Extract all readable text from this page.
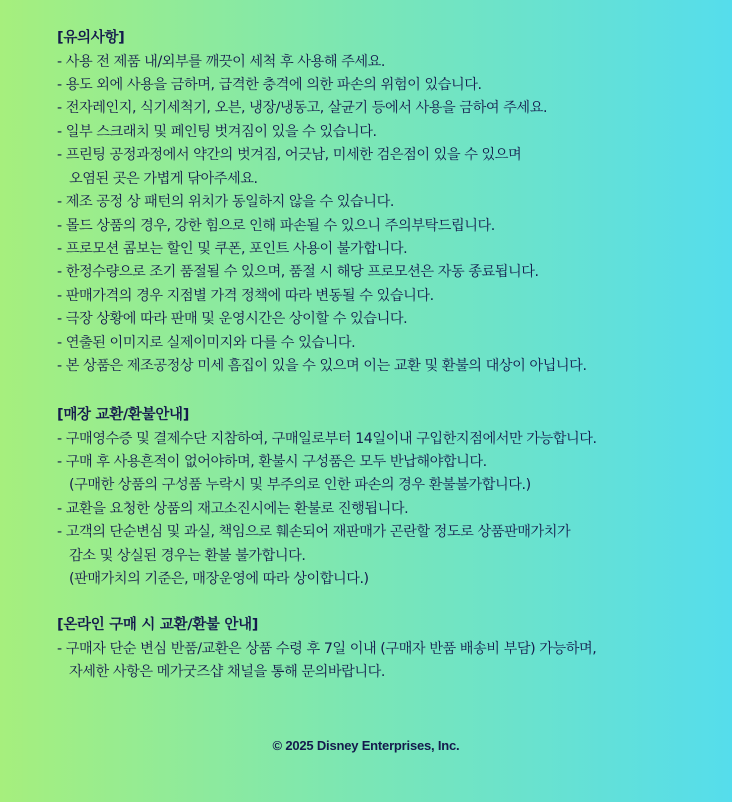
[유의사항]
- 사용 전 제품 내/외부를 깨끗이 세척 후 사용해 주세요.
- 용도 외에 사용을 금하며, 급격한 충격에 의한 파손의 위험이 있습니다.
- 전자레인지, 식기세척기, 오븐, 냉장/냉동고, 살균기 등에서 사용을 금하여 주세요.
- 일부 스크래치 및 페인팅 벗겨짐이 있을 수 있습니다.
- 프린팅 공정과정에서 약간의 벗겨짐, 어긋남, 미세한 검은점이 있을 수 있으며
오염된 곳은 가볍게 닦아주세요.
- 제조 공정 상 패턴의 위치가 동일하지 않을 수 있습니다.
- 몰드 상품의 경우, 강한 힘으로 인해 파손될 수 있으니 주의부탁드립니다.
- 프로모션 콤보는 할인 및 쿠폰, 포인트 사용이 불가합니다.
- 한정수량으로 조기 품절될 수 있으며, 품절 시 해당 프로모션은 자동 종료됩니다.
- 판매가격의 경우 지점별 가격 정책에 따라 변동될 수 있습니다.
- 극장 상황에 따라 판매 및 운영시간은 상이할 수 있습니다.
- 연출된 이미지로 실제이미지와 다를 수 있습니다.
- 본 상품은 제조공정상 미세 흠집이 있을 수 있으며 이는 교환 및 환불의 대상이 아닙니다.
[매장 교환/환불안내]
- 구매영수증 및 결제수단 지참하여, 구매일로부터 14일이내 구입한지점에서만 가능합니다.
- 구매 후 사용흔적이 없어야하며, 환불시 구성품은 모두 반납해야합니다.
(구매한 상품의 구성품 누락시 및 부주의로 인한 파손의 경우 환불불가합니다.)
- 교환을 요청한 상품의 재고소진시에는 환불로 진행됩니다.
- 고객의 단순변심 및 과실, 책임으로 훼손되어 재판매가 곤란할 정도로 상품판매가치가
감소 및 상실된 경우는 환불 불가합니다.
(판매가치의 기준은, 매장운영에 따라 상이합니다.)
[온라인 구매 시 교환/환불 안내]
- 구매자 단순 변심 반품/교환은 상품 수령 후 7일 이내 (구매자 반품 배송비 부담) 가능하며,
자세한 사항은 메가굿즈샵 채널을 통해 문의바랍니다.
© 2025 Disney Enterprises, Inc.
